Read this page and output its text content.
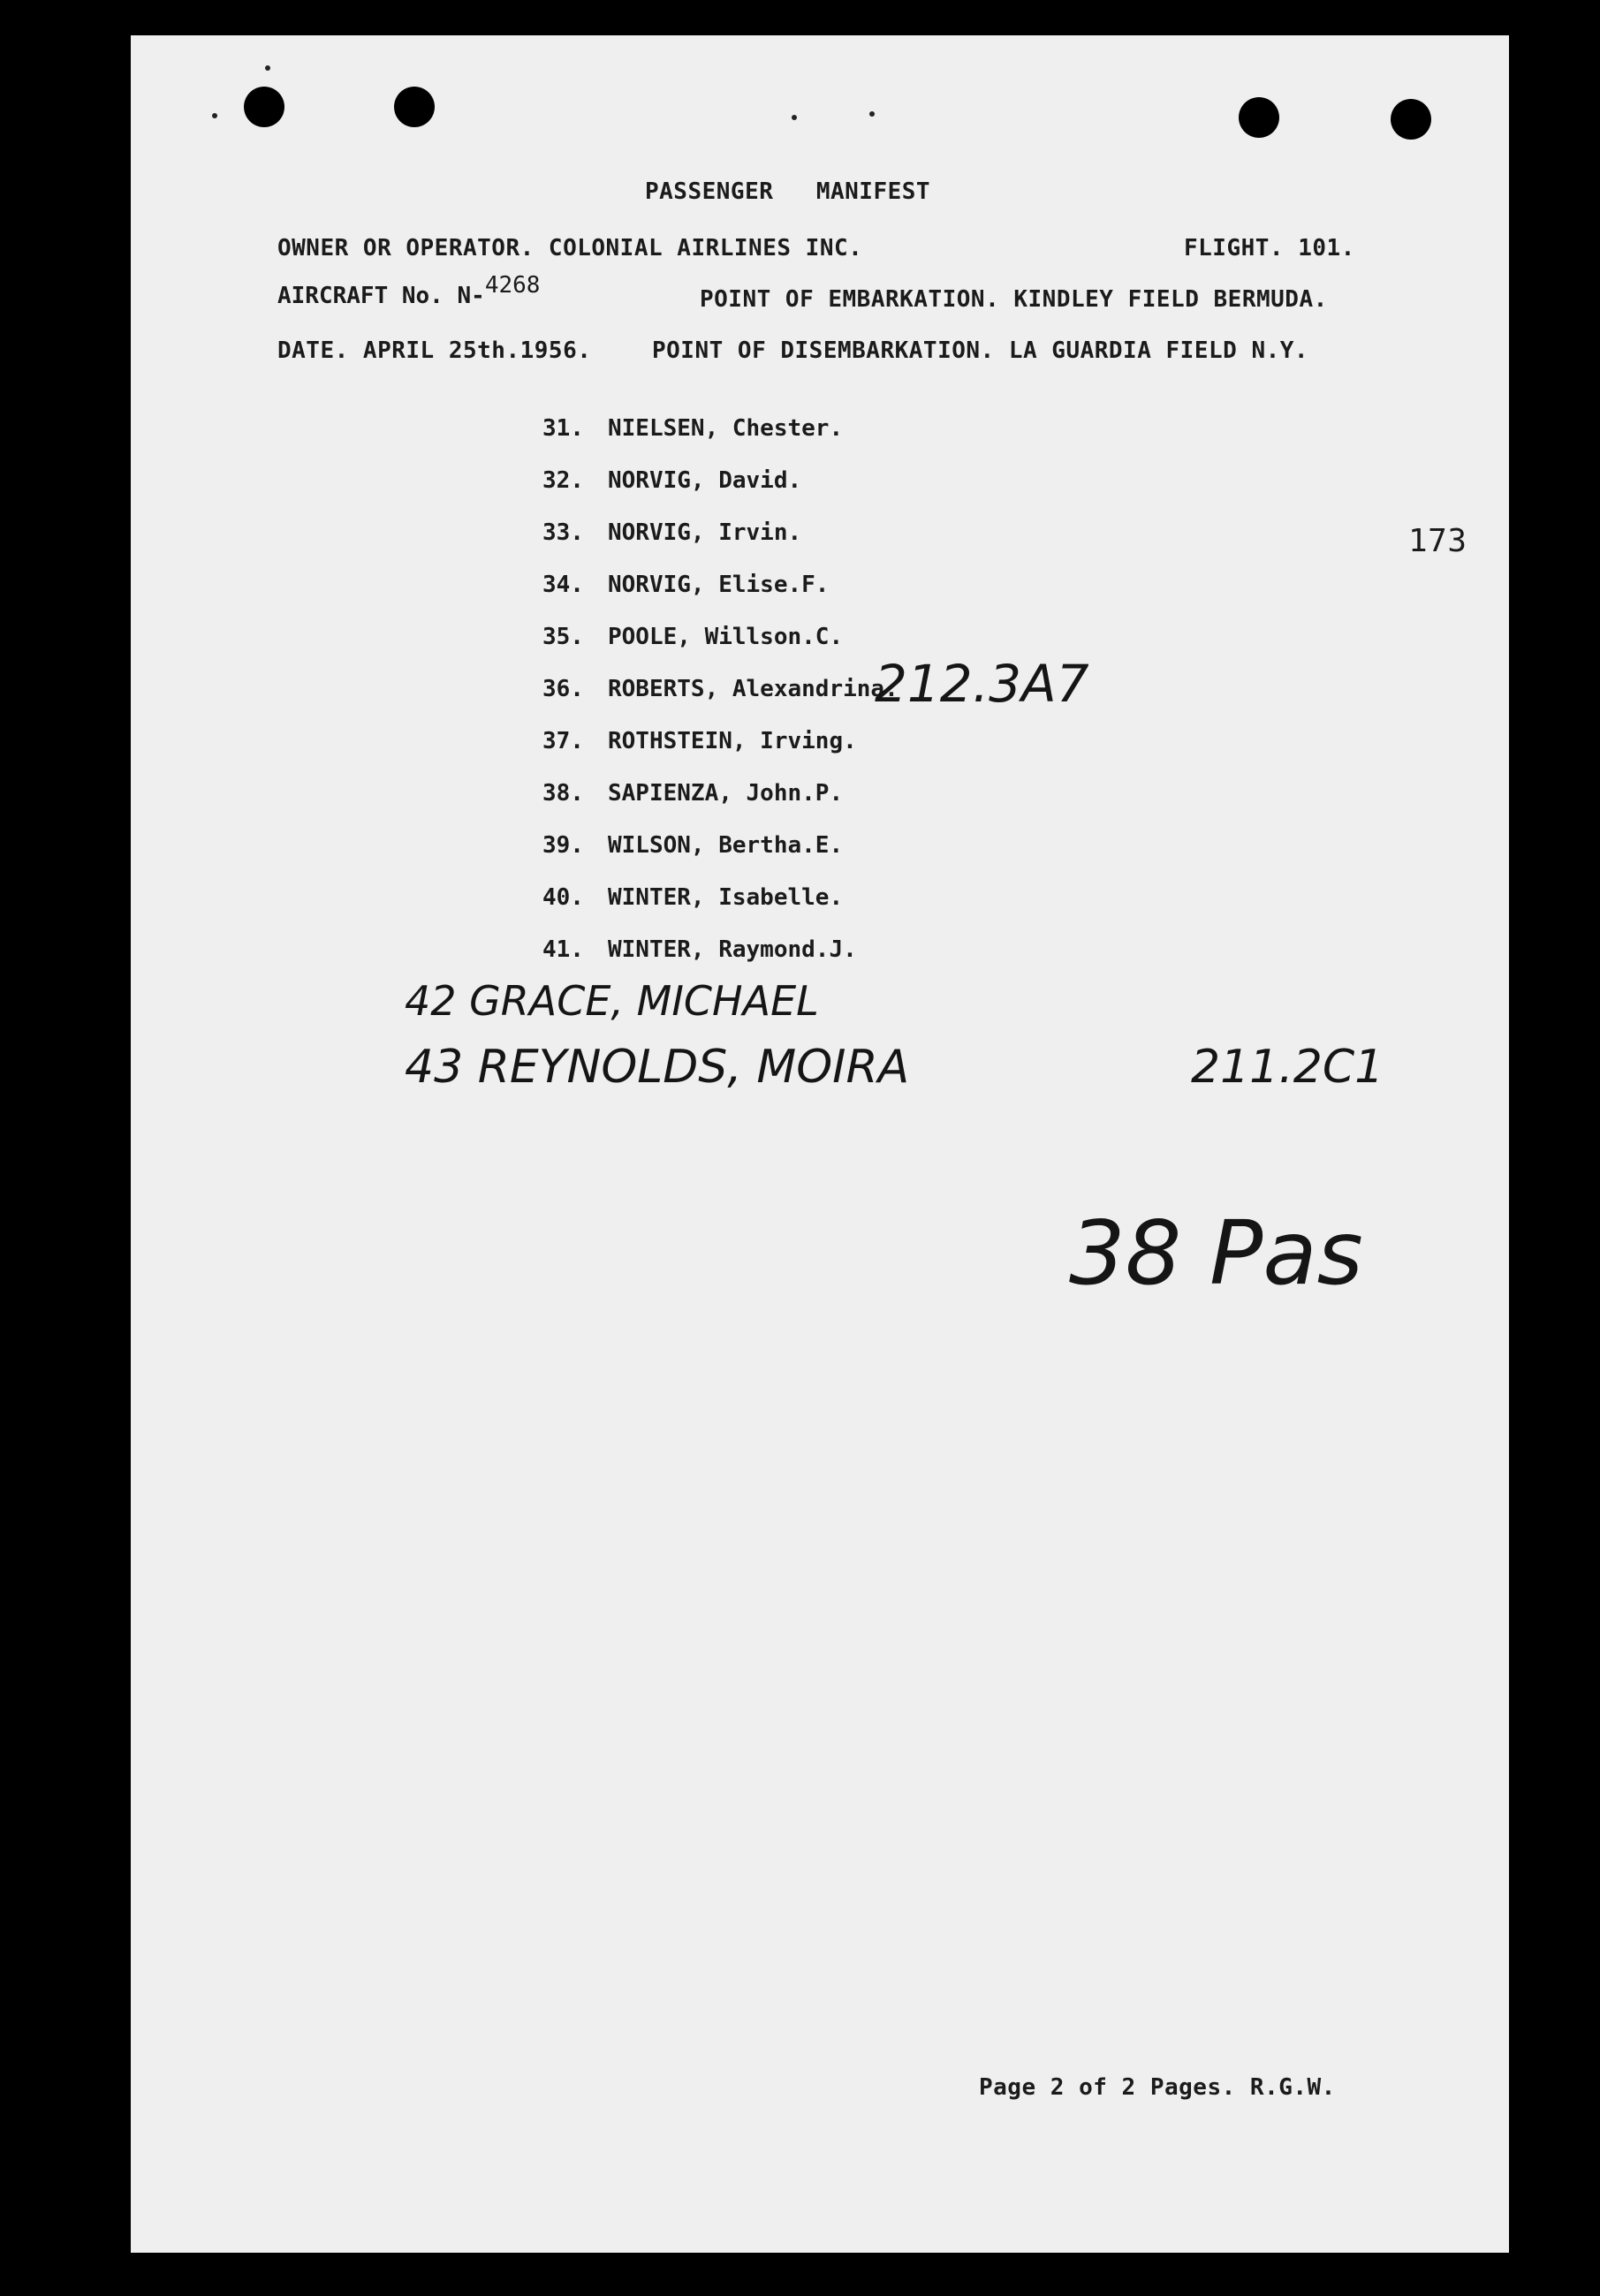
PASSENGER   MANIFEST
OWNER OR OPERATOR. COLONIAL AIRLINES INC.	FLIGHT. 101.
AIRCRAFT No. N-4268
POINT OF EMBARKATION. KINDLEY FIELD BERMUDA.
DATE. APRIL 25th.1956.	POINT OF DISEMBARKATION. LA GUARDIA FIELD N.Y.
173
31. NIELSEN, Chester.
32. NORVIG, David.
33. NORVIG, Irvin.
34. NORVIG, Elise.F.
35. POOLE, Willson.C.
36. ROBERTS, Alexandrina.
37. ROTHSTEIN, Irving.
38. SAPIENZA, John.P.
39. WILSON, Bertha.E.
40. WINTER, Isabelle.
41. WINTER, Raymond.J.
212.3A7
42 GRACE, MICHAEL
43 REYNOLDS, MOIRA	211.2C1
38 Pas
Page 2 of 2 Pages. R.G.W.
